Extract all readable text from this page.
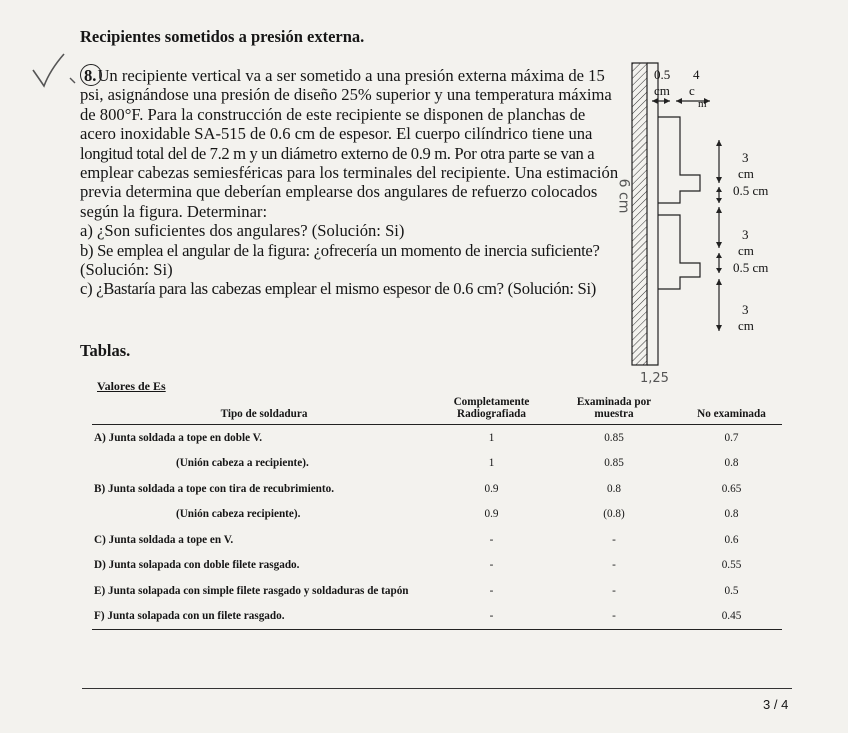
Recipientes sometidos a presión externa.
8.Un recipiente vertical va a ser sometido a una presión externa máxima de 15
psi, asignándose una presión de diseño 25% superior y una temperatura máxima
de 800°F. Para la construcción de este recipiente se disponen de planchas de
acero inoxidable SA-515 de 0.6 cm de espesor. El cuerpo cilíndrico tiene una
longitud total del de 7.2 m y un diámetro externo de 0.9 m. Por otra parte se van a
emplear cabezas semiesféricas para los terminales del recipiente. Una estimación
previa determina que deberían emplearse dos angulares de refuerzo colocados
según la figura. Determinar:
a) ¿Son suficientes dos angulares? (Solución: Si)
b) Se emplea el angular de la figura: ¿ofrecería un momento de inercia suficiente?
(Solución: Si)
c) ¿Bastaría para las cabezas emplear el mismo espesor de 0.6 cm? (Solución: Si)
0.5
cm
4
c
m
3
cm
0.5 cm
3
cm
0.5 cm
3
cm
6 cm
1,25
Tablas.
Valores de Es
Tipo de soldadura	Completamente Radiografiada	Examinada por muestra	No examinada
A) Junta soldada a tope en doble V.	1	0.85	0.7
(Unión cabeza a recipiente).	1	0.85	0.8
B) Junta soldada a tope con tira de recubrimiento.	0.9	0.8	0.65
(Unión cabeza recipiente).	0.9	(0.8)	0.8
C) Junta soldada a tope en V.	-	-	0.6
D) Junta solapada con doble filete rasgado.	-	-	0.55
E) Junta solapada con simple filete rasgado y soldaduras de tapón	-	-	0.5
F) Junta solapada con un filete rasgado.	-	-	0.45
3 / 4
